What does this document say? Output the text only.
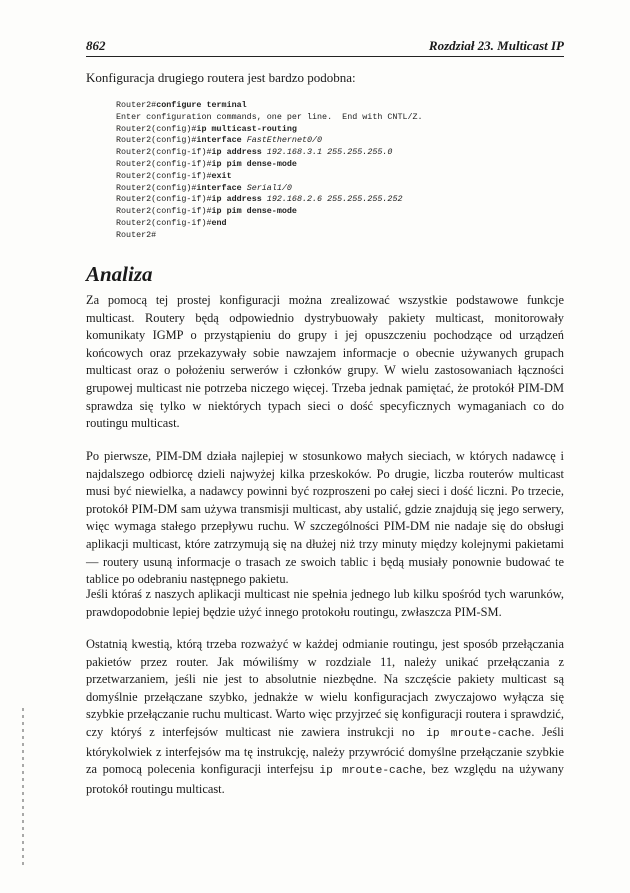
862	Rozdział 23. Multicast IP
Konfiguracja drugiego routera jest bardzo podobna:
Router2#configure terminal
Enter configuration commands, one per line.  End with CNTL/Z.
Router2(config)#ip multicast-routing
Router2(config)#interface FastEthernet0/0
Router2(config-if)#ip address 192.168.3.1 255.255.255.0
Router2(config-if)#ip pim dense-mode
Router2(config-if)#exit
Router2(config)#interface Serial1/0
Router2(config-if)#ip address 192.168.2.6 255.255.255.252
Router2(config-if)#ip pim dense-mode
Router2(config-if)#end
Router2#
Analiza
Za pomocą tej prostej konfiguracji można zrealizować wszystkie podstawowe funkcje multicast. Routery będą odpowiednio dystrybuowały pakiety multicast, monitorowały komunikaty IGMP o przystąpieniu do grupy i jej opuszczeniu pochodzące od urządzeń końcowych oraz przekazywały sobie nawzajem informacje o obecnie używanych grupach multicast oraz o położeniu serwerów i członków grupy. W wielu zastosowaniach łączności grupowej multicast nie potrzeba niczego więcej. Trzeba jednak pamiętać, że protokół PIM-DM sprawdza się tylko w niektórych typach sieci o dość specyficznych wymaganiach co do routingu multicast.
Po pierwsze, PIM-DM działa najlepiej w stosunkowo małych sieciach, w których nadawcę i najdalszego odbiorcę dzieli najwyżej kilka przeskoków. Po drugie, liczba routerów multicast musi być niewielka, a nadawcy powinni być rozproszeni po całej sieci i dość liczni. Po trzecie, protokół PIM-DM sam używa transmisji multicast, aby ustalić, gdzie znajdują się jego serwery, więc wymaga stałego przepływu ruchu. W szczególności PIM-DM nie nadaje się do obsługi aplikacji multicast, które zatrzymują się na dłużej niż trzy minuty między kolejnymi pakietami — routery usuną informacje o trasach ze swoich tablic i będą musiały ponownie budować te tablice po odebraniu następnego pakietu.
Jeśli któraś z naszych aplikacji multicast nie spełnia jednego lub kilku spośród tych warunków, prawdopodobnie lepiej będzie użyć innego protokołu routingu, zwłaszcza PIM-SM.
Ostatnią kwestią, którą trzeba rozważyć w każdej odmianie routingu, jest sposób przełączania pakietów przez router. Jak mówiliśmy w rozdziale 11, należy unikać przełączania z przetwarzaniem, jeśli nie jest to absolutnie niezbędne. Na szczęście pakiety multicast są domyślnie przełączane szybko, jednakże w wielu konfiguracjach zwyczajowo wyłącza się szybkie przełączanie ruchu multicast. Warto więc przyjrzeć się konfiguracji routera i sprawdzić, czy któryś z interfejsów multicast nie zawiera instrukcji no ip mroute-cache. Jeśli którykolwiek z interfejsów ma tę instrukcję, należy przywrócić domyślne przełączanie szybkie za pomocą polecenia konfiguracji interfejsu ip mroute-cache, bez względu na używany protokół routingu multicast.
